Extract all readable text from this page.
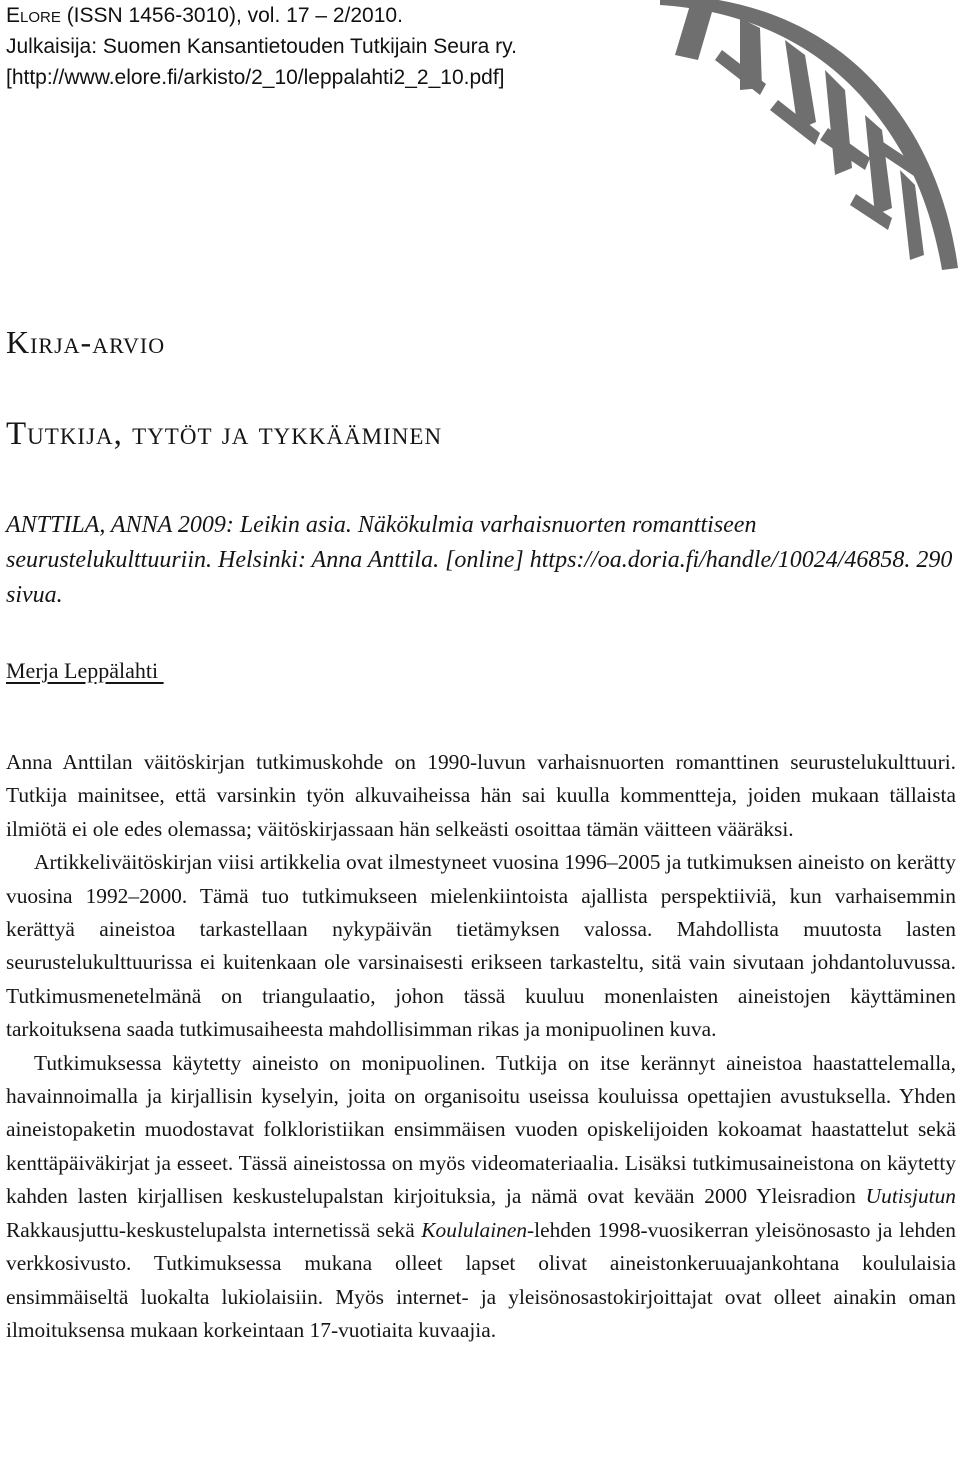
Elore (ISSN 1456-3010), vol. 17 – 2/2010.
Julkaisija: Suomen Kansantietouden Tutkijain Seura ry.
[http://www.elore.fi/arkisto/2_10/leppalahti2_2_10.pdf]
Kirja-arvio
Tutkija, tytöt ja tykkääminen
ANTTILA, ANNA 2009: Leikin asia. Näkökulmia varhaisnuorten romanttiseen seurustelukulttuuriin. Helsinki: Anna Anttila. [online] https://oa.doria.fi/handle/10024/46858. 290 sivua.
Merja Leppälahti

Anna Anttilan väitöskirjan tutkimuskohde on 1990-luvun varhaisnuorten romanttinen seurustelukulttuuri. Tutkija mainitsee, että varsinkin työn alkuvaiheissa hän sai kuulla kommentteja, joiden mukaan tällaista ilmiötä ei ole edes olemassa; väitöskirjassaan hän selkeästi osoittaa tämän väitteen vääräksi.

Artikkeliväitöskirjan viisi artikkelia ovat ilmestyneet vuosina 1996–2005 ja tutkimuksen aineisto on kerätty vuosina 1992–2000. Tämä tuo tutkimukseen mielenkiintoista ajallista perspektiiviä, kun varhaisemmin kerättyä aineistoa tarkastellaan nykypäivän tietämyksen valossa. Mahdollista muutosta lasten seurustelukulttuurissa ei kuitenkaan ole varsinaisesti erikseen tarkasteltu, sitä vain sivutaan johdantoluvussa. Tutkimusmenetelmänä on triangulaatio, johon tässä kuuluu monenlaisten aineistojen käyttäminen tarkoituksena saada tutkimusaiheesta mahdollisimman rikas ja monipuolinen kuva.

Tutkimuksessa käytetty aineisto on monipuolinen. Tutkija on itse kerännyt aineistoa haastattelemalla, havainnoimalla ja kirjallisin kyselyin, joita on organisoitu useissa kouluissa opettajien avustuksella. Yhden aineistopaketin muodostavat folkloristiikan ensimmäisen vuoden opiskelijoiden kokoamat haastattelut sekä kenttäpäiväkirjat ja esseet. Tässä aineistossa on myös videomateriaalia. Lisäksi tutkimusaineistona on käytetty kahden lasten kirjallisen keskustelupalstan kirjoituksia, ja nämä ovat kevään 2000 Yleisradion Uutisjutun Rakkausjuttu-keskustelupalsta internetissä sekä Koululainen-lehden 1998-vuosikerran yleisönosasto ja lehden verkkosivusto. Tutkimuksessa mukana olleet lapset olivat aineistonkeruuajankohtana koululaisia ensimmäiseltä luokalta lukiolaisiin. Myös internet- ja yleisönosastokirjoittajat ovat olleet ainakin oman ilmoituksensa mukaan korkeintaan 17-vuotiaita kuvaajia.
